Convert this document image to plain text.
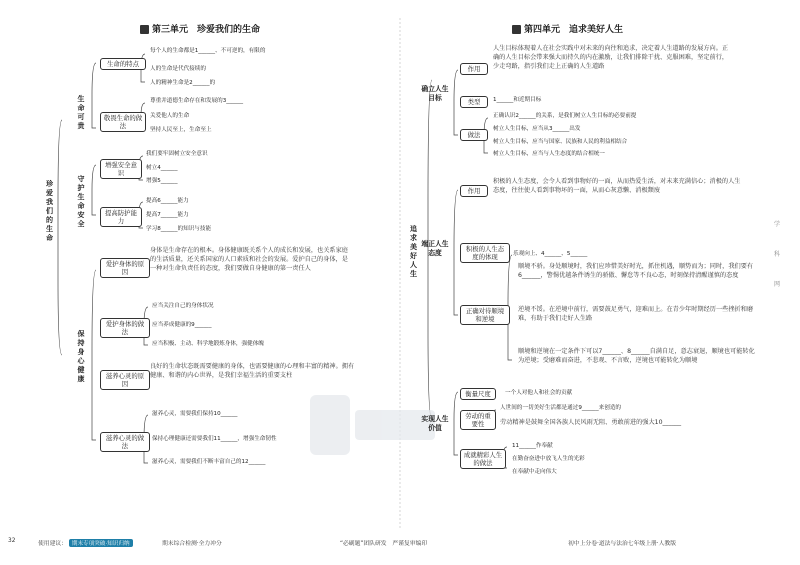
第三单元　珍爱我们的生命
珍爱我们的生命
生命可贵
守护生命安全
保持身心健康
生命的特点
每个人的生命都是1______、不可逆的，有限的
人的生命是代代接续的
人的精神生命是2______的
敬畏生命的做法
尊重并道德生命存在和发展的3______
关爱他人的生命
坚持人民至上，生命至上
增强安全意识
我们要牢固树立安全意识
树立4______
增强5______
提高防护能力
提高6______能力
提高7______能力
学习8______的知识与技能
爱护身体的原因
身体是生命存在的根本。身体健康既关系个人的成长和发展，也关系家庭的生活质量，还关系国家的人口素质和社会的发展。爱护自己的身体，是一种对生命负责任的态度，我们要做自身健康的第一责任人
爱护身体的做法
应当关注自己的身体状况
应当养成健康的9______
应当积极、主动、科学地锻炼身体，强健体魄
滋养心灵的原因
良好的生命状态既需要健康的身体，也需要健康的心理和丰富的精神。拥有健康、和谐的内心世界，是我们幸福生活的重要支柱
滋养心灵的做法
滋养心灵，需要我们保持10______
保持心理健康还需要我们11______，增强生命韧性
滋养心灵，需要我们不断丰富自己的12______
第四单元　追求美好人生
追求美好人生
确立人生目标
端正人生态度
实现人生价值
作用
人生目标体现着人在社会实践中对未来的向往和追求，决定着人生道路的发展方向。正确的人生目标会带来强大而持久的内在激励，让我们排除干扰、克服困难，坚定前行，少走弯路，指引我们走上正确的人生道路
类型	1______和近期目标
做法
正确认识2______的关系，是我们树立人生目标的必要前提
树立人生目标，应当从3______出发
树立人生目标，应当与国家、民族和人民的利益相结合
树立人生目标，应当与人生态度的结合相统一
作用
积极的人生态度，会令人看到事物好的一面，从而热爱生活，对未来充满信心；消极的人生态度，往往使人看到事物坏的一面，从而心灰意懒、消极颓废
积极的人生态度的体现	乐观向上、4______、5______
正确对待顺境和逆境
顺境不骄。身处顺境时，我们应珍惜美好时光，抓住机遇，顺势而为；同时，我们要有6______，警惕优越条件诱生的骄傲、懈怠等不良心态，时刻保持清醒谨慎的态度
逆境不馁。在逆境中前行，需要鼓足勇气，迎难而上。在青少年时期经历一些挫折和磨难，有助于我们走好人生路
顺境和逆境在一定条件下可以7______、8______自满自足，意志衰退，顺境也可能转化为逆境；受磨难而奋进，不悲观、不言败，逆境也可能转化为顺境
衡量尺度	一个人对他人和社会的贡献
劳动的重要性
人世间的一切美好生活都是通过9______来创造的
劳动精神是鼓舞全国各族人民风雨无阻、勇敢前进的强大10______
成就精彩人生的做法
11______作奉献
在勤奋奋进中放飞人生的光彩
在奉献中走向伟大
学　科　网
32	使用建议： 期末专项突破·知识归纳	期末综合检测·全力冲分	“必刷题”团队研发　严谨复审编印	初中上分卷·道法与法治七年级上册·人教版
